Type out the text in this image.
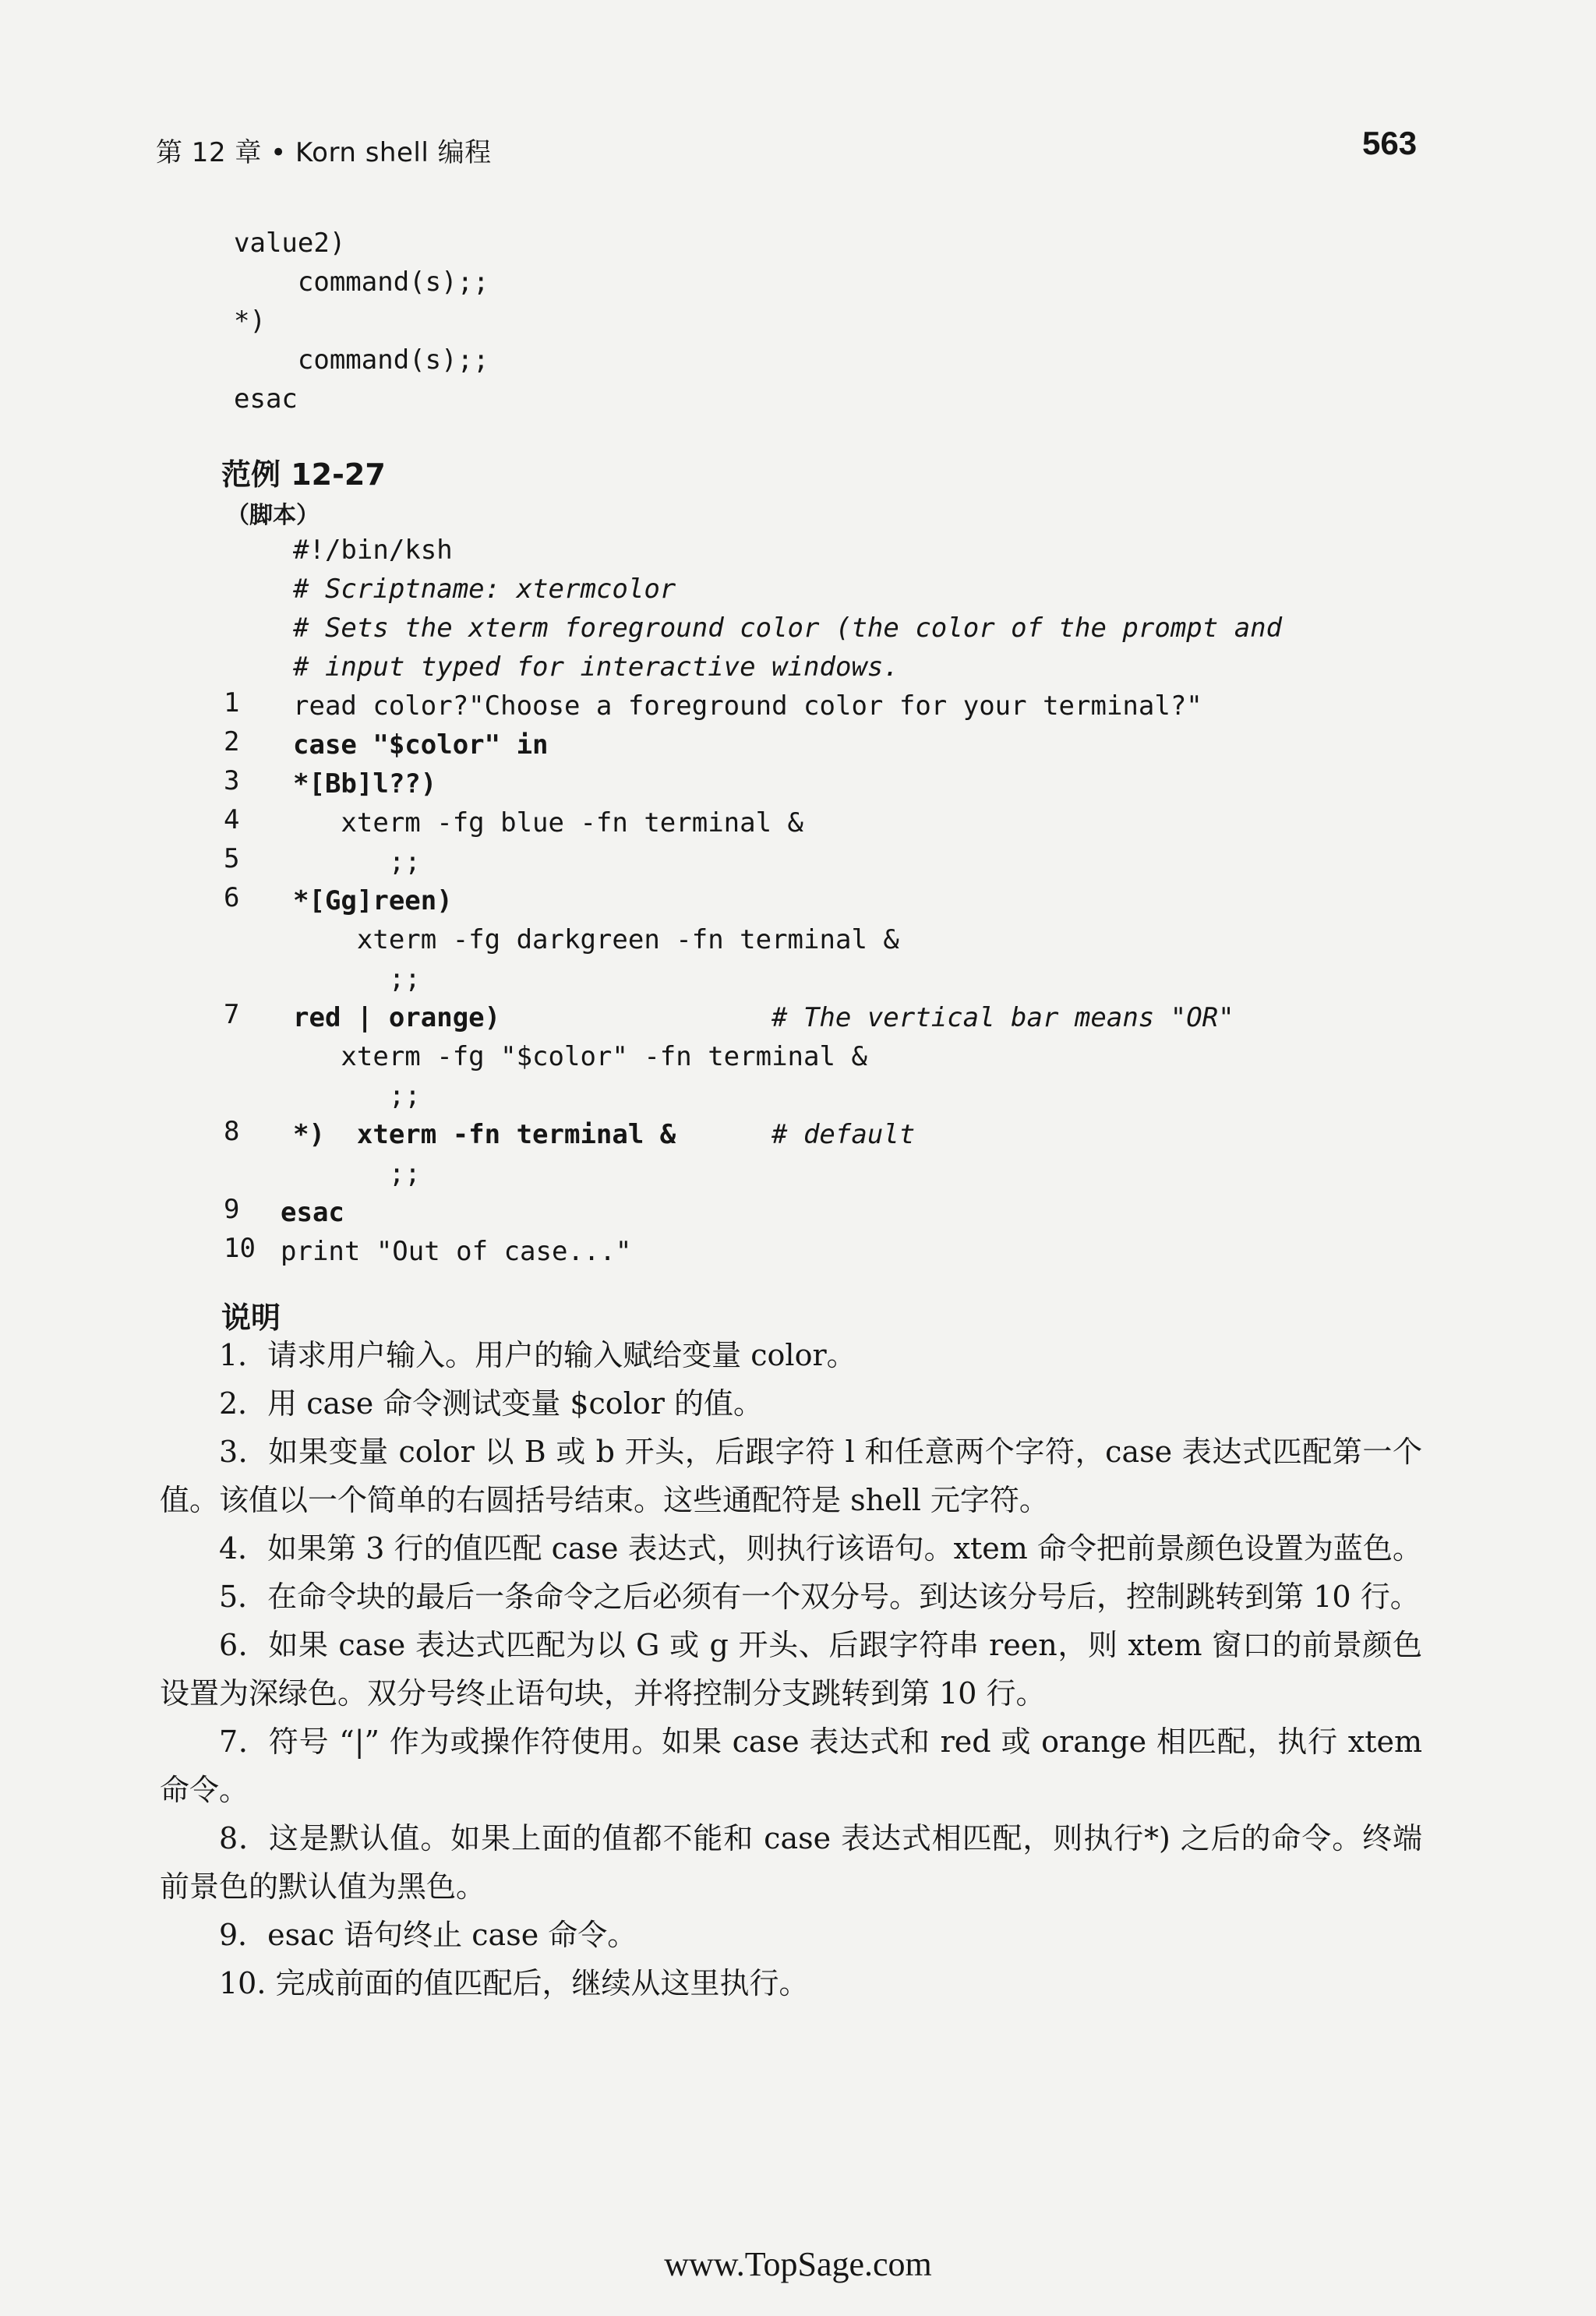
第 12 章 • Korn shell 编程	563

value2)

command(s);;

*)

command(s);;

esac

范例 12-27
（脚本）
#!/bin/ksh
# Scriptname: xtermcolor
# Sets the xterm foreground color (the color of the prompt and
# input typed for interactive windows.
1 read color?"Choose a foreground color for your terminal?"
2 case "$color" in
3 *[Bb]l??)
4 xterm -fg blue -fn terminal &
5 ;;
6 *[Gg]reen)
xterm -fg darkgreen -fn terminal &
;;
7 red | orange)	# The vertical bar means "OR"
xterm -fg "$color" -fn terminal &
;;
8 *)  xterm -fn terminal &	# default
;;
9 esac
10 print "Out of case..."
说明

1．请求用户输入。用户的输入赋给变量 color。

2．用 case 命令测试变量 $color 的值。

3．如果变量 color 以 B 或 b 开头，后跟字符 l 和任意两个字符，case 表达式匹配第一个值。该值以一个简单的右圆括号结束。这些通配符是 shell 元字符。

4．如果第 3 行的值匹配 case 表达式，则执行该语句。xtem 命令把前景颜色设置为蓝色。

5．在命令块的最后一条命令之后必须有一个双分号。到达该分号后，控制跳转到第 10 行。

6．如果 case 表达式匹配为以 G 或 g 开头、后跟字符串 reen，则 xtem 窗口的前景颜色设置为深绿色。双分号终止语句块，并将控制分支跳转到第 10 行。

7．符号 “|” 作为或操作符使用。如果 case 表达式和 red 或 orange 相匹配，执行 xtem 命令。

8．这是默认值。如果上面的值都不能和 case 表达式相匹配，则执行*) 之后的命令。终端前景色的默认值为黑色。

9．esac 语句终止 case 命令。

10. 完成前面的值匹配后，继续从这里执行。

www.TopSage.com
